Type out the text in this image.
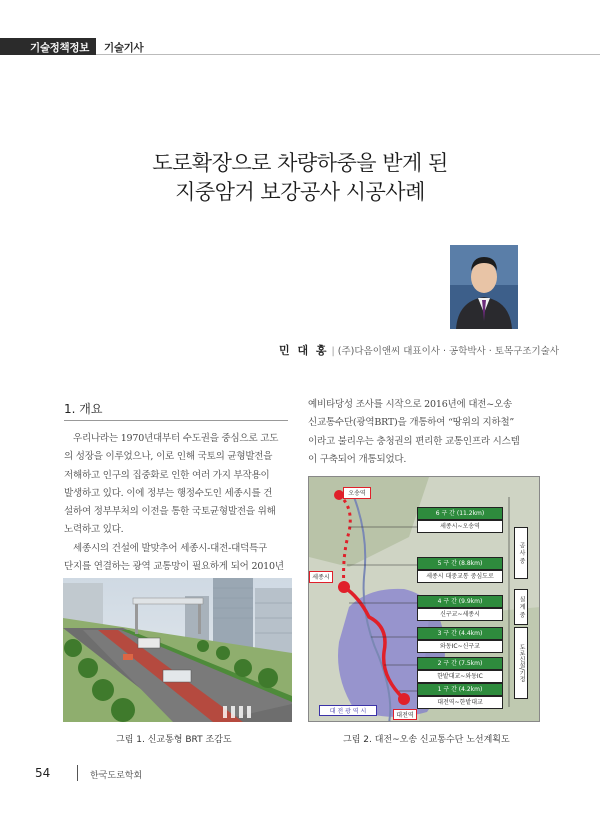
기술정책정보 기술기사
도로확장으로 차량하중을 받게 된
지중암거 보강공사 시공사례
민 대 홍 | (주)다음이앤씨 대표이사 · 공학박사 · 토목구조기술사
1. 개요
우리나라는 1970년대부터 수도권을 중심으로 고도
의 성장을 이루었으나, 이로 인해 국토의 균형발전을
저해하고 인구의 집중화로 인한 여러 가지 부작용이
발생하고 있다. 이에 정부는 행정수도인 세종시를 건
설하여 정부부처의 이전을 통한 국토균형발전을 위해
노력하고 있다.
세종시의 건설에 발맞추어 세종시-대전-대덕특구
단지를 연결하는 광역 교통망이 필요하게 되어 2010년
예비타당성 조사를 시작으로 2016년에 대전~오송
신교통수단(광역BRT)을 개통하여 “땅위의 지하철”
이라고 불리우는 충청권의 편리한 교통인프라 시스템
이 구축되어 개통되었다.
그림 1. 신교통형 BRT 조감도
오송역
세종시
대전역
대 전 광 역 시
6 구 간 (11.2km)
세종시~오송역
5 구 간 (8.8km)
세종시 대중교통 중심도로
4 구 간 (9.9km)
신구교~세종시
3 구 간 (4.4km)
와동IC~신구교
2 구 간 (7.5km)
한밭대교~와동IC
1 구 간 (4.2km)
대전역~한밭대교
공 사 중
실 계 중
도로신설/기정
그림 2. 대전~오송 신교통수단 노선계획도
54	한국도로학회
